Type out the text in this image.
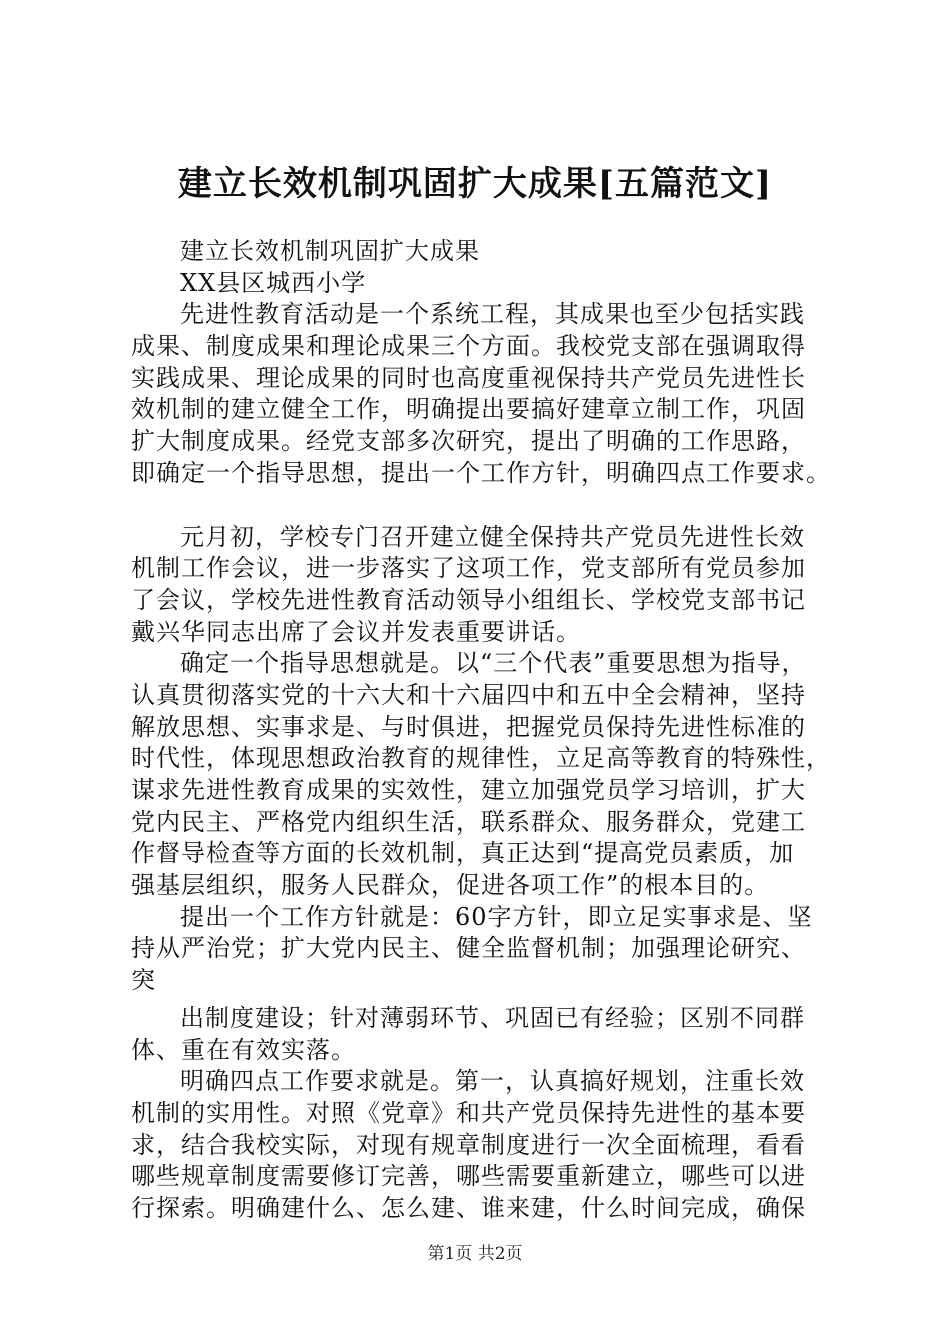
建立长效机制巩固扩大成果[五篇范文]
建立长效机制巩固扩大成果
XX县区城西小学
先进性教育活动是一个系统工程，其成果也至少包括实践
成果、制度成果和理论成果三个方面。我校党支部在强调取得
实践成果、理论成果的同时也高度重视保持共产党员先进性长
效机制的建立健全工作，明确提出要搞好建章立制工作，巩固
扩大制度成果。经党支部多次研究，提出了明确的工作思路，
即确定一个指导思想，提出一个工作方针，明确四点工作要求。
元月初，学校专门召开建立健全保持共产党员先进性长效
机制工作会议，进一步落实了这项工作，党支部所有党员参加
了会议，学校先进性教育活动领导小组组长、学校党支部书记
戴兴华同志出席了会议并发表重要讲话。
确定一个指导思想就是。以“三个代表”重要思想为指导，
认真贯彻落实党的十六大和十六届四中和五中全会精神，坚持
解放思想、实事求是、与时俱进，把握党员保持先进性标准的
时代性，体现思想政治教育的规律性，立足高等教育的特殊性，
谋求先进性教育成果的实效性，建立加强党员学习培训，扩大
党内民主、严格党内组织生活，联系群众、服务群众，党建工
作督导检查等方面的长效机制，真正达到“提高党员素质，加
强基层组织，服务人民群众，促进各项工作”的根本目的。
提出一个工作方针就是：60字方针，即立足实事求是、坚
持从严治党；扩大党内民主、健全监督机制；加强理论研究、
突
出制度建设；针对薄弱环节、巩固已有经验；区别不同群
体、重在有效实落。
明确四点工作要求就是。第一，认真搞好规划，注重长效
机制的实用性。对照《党章》和共产党员保持先进性的基本要
求，结合我校实际，对现有规章制度进行一次全面梳理，看看
哪些规章制度需要修订完善，哪些需要重新建立，哪些可以进
行探索。明确建什么、怎么建、谁来建，什么时间完成，确保
第1页 共2页
